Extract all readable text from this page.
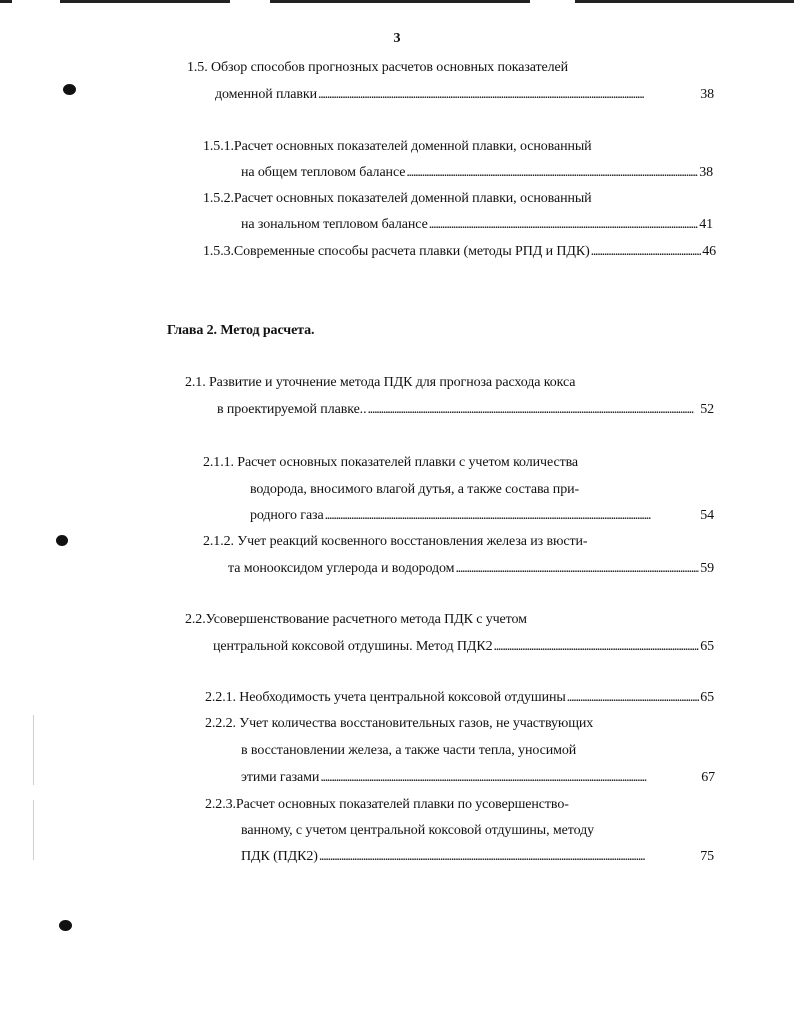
3
1.5. Обзор способов прогнозных расчетов основных показателей
доменной плавки . . .	38
1.5.1.Расчет основных показателей доменной плавки, основанный
на общем тепловом балансе . . .	38
1.5.2.Расчет основных показателей доменной плавки, основанный
на зональном тепловом балансе . . .	41
1.5.3.Современные способы расчета плавки (методы РПД и ПДК) . . .	46
Глава 2. Метод расчета.
2.1. Развитие и уточнение метода ПДК для прогноза расхода кокса
в проектируемой плавке.. . . .	52
2.1.1. Расчет основных показателей плавки с учетом количества
водорода, вносимого влагой дутья, а также состава при-
родного газа . . .	54
2.1.2. Учет реакций косвенного восстановления железа из вюсти-
та монооксидом углерода и водородом . . .	59
2.2.Усовершенствование расчетного метода ПДК с учетом
центральной коксовой отдушины. Метод ПДК2 . . .	65
2.2.1. Необходимость учета центральной коксовой отдушины . . .	65
2.2.2. Учет количества восстановительных газов, не участвующих
в восстановлении железа, а также части тепла, уносимой
этими газами . . .	67
2.2.3.Расчет основных показателей плавки по усовершенство-
ванному, с учетом центральной коксовой отдушины, методу
ПДК (ПДК2) . . .	75
